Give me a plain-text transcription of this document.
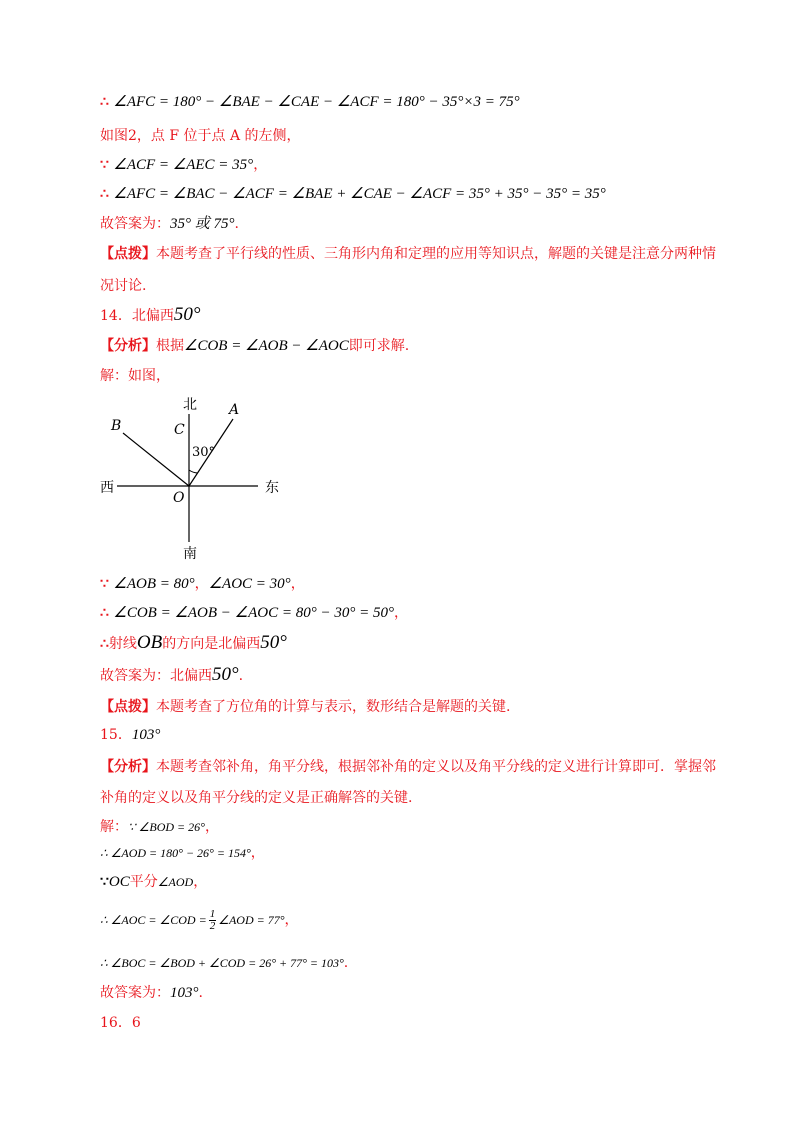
∴ ∠AFC = 180° − ∠BAE − ∠CAE − ∠ACF = 180° − 35°×3 = 75°
如图2，点 F 位于点 A 的左侧，
∵ ∠ACF = ∠AEC = 35°，
∴ ∠AFC = ∠BAC − ∠ACF = ∠BAE + ∠CAE − ∠ACF = 35° + 35° − 35° = 35°
故答案为：35° 或 75°.
【点拨】本题考查了平行线的性质、三角形内角和定理的应用等知识点，解题的关键是注意分两种情
况讨论.
14．北偏西50°
【分析】根据∠COB = ∠AOB − ∠AOC即可求解.
解：如图，
北
南
西	东
A
B	C
O
30°
∵ ∠AOB = 80°，∠AOC = 30°，
∴ ∠COB = ∠AOB − ∠AOC = 80° − 30° = 50°，
∴射线OB的方向是北偏西50°
故答案为：北偏西50°.
【点拨】本题考查了方位角的计算与表示，数形结合是解题的关键.
15．103°
【分析】本题考查邻补角，角平分线，根据邻补角的定义以及角平分线的定义进行计算即可．掌握邻
补角的定义以及角平分线的定义是正确解答的关键.
解：∵ ∠BOD = 26°，
∴ ∠AOD = 180° − 26° = 154°，
∵OC平分∠AOD，
∴ ∠AOC = ∠COD = $\frac{1}{2}$ ∠AOD = 77°，
∴ ∠BOC = ∠BOD + ∠COD = 26° + 77° = 103°.
故答案为：103°.
16．6
